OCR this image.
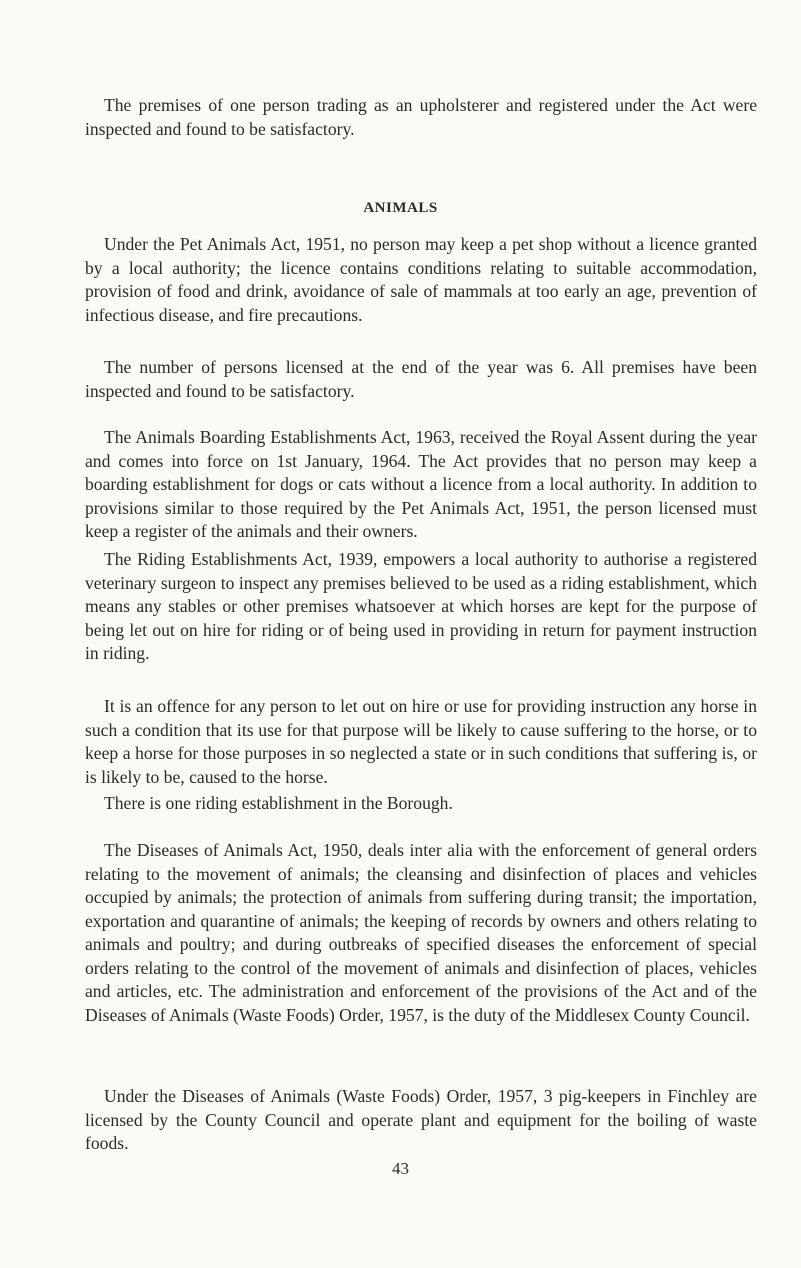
The premises of one person trading as an upholsterer and registered under the Act were inspected and found to be satisfactory.

ANIMALS

Under the Pet Animals Act, 1951, no person may keep a pet shop without a licence granted by a local authority; the licence contains conditions relating to suitable accommodation, provision of food and drink, avoidance of sale of mammals at too early an age, prevention of infectious disease, and fire precautions.

The number of persons licensed at the end of the year was 6. All premises have been inspected and found to be satisfactory.

The Animals Boarding Establishments Act, 1963, received the Royal Assent during the year and comes into force on 1st January, 1964. The Act provides that no person may keep a boarding establishment for dogs or cats without a licence from a local authority. In addition to provisions similar to those required by the Pet Animals Act, 1951, the person licensed must keep a register of the animals and their owners.

The Riding Establishments Act, 1939, empowers a local authority to authorise a registered veterinary surgeon to inspect any premises believed to be used as a riding establishment, which means any stables or other premises whatsoever at which horses are kept for the purpose of being let out on hire for riding or of being used in providing in return for payment instruction in riding.

It is an offence for any person to let out on hire or use for providing instruction any horse in such a condition that its use for that purpose will be likely to cause suffering to the horse, or to keep a horse for those purposes in so neglected a state or in such conditions that suffering is, or is likely to be, caused to the horse.

There is one riding establishment in the Borough.

The Diseases of Animals Act, 1950, deals inter alia with the enforcement of general orders relating to the movement of animals; the cleansing and disinfection of places and vehicles occupied by animals; the protection of animals from suffering during transit; the importation, exportation and quarantine of animals; the keeping of records by owners and others relating to animals and poultry; and during outbreaks of specified diseases the enforcement of special orders relating to the control of the movement of animals and disinfection of places, vehicles and articles, etc. The administration and enforcement of the provisions of the Act and of the Diseases of Animals (Waste Foods) Order, 1957, is the duty of the Middlesex County Council.

Under the Diseases of Animals (Waste Foods) Order, 1957, 3 pig-keepers in Finchley are licensed by the County Council and operate plant and equipment for the boiling of waste foods.

43
